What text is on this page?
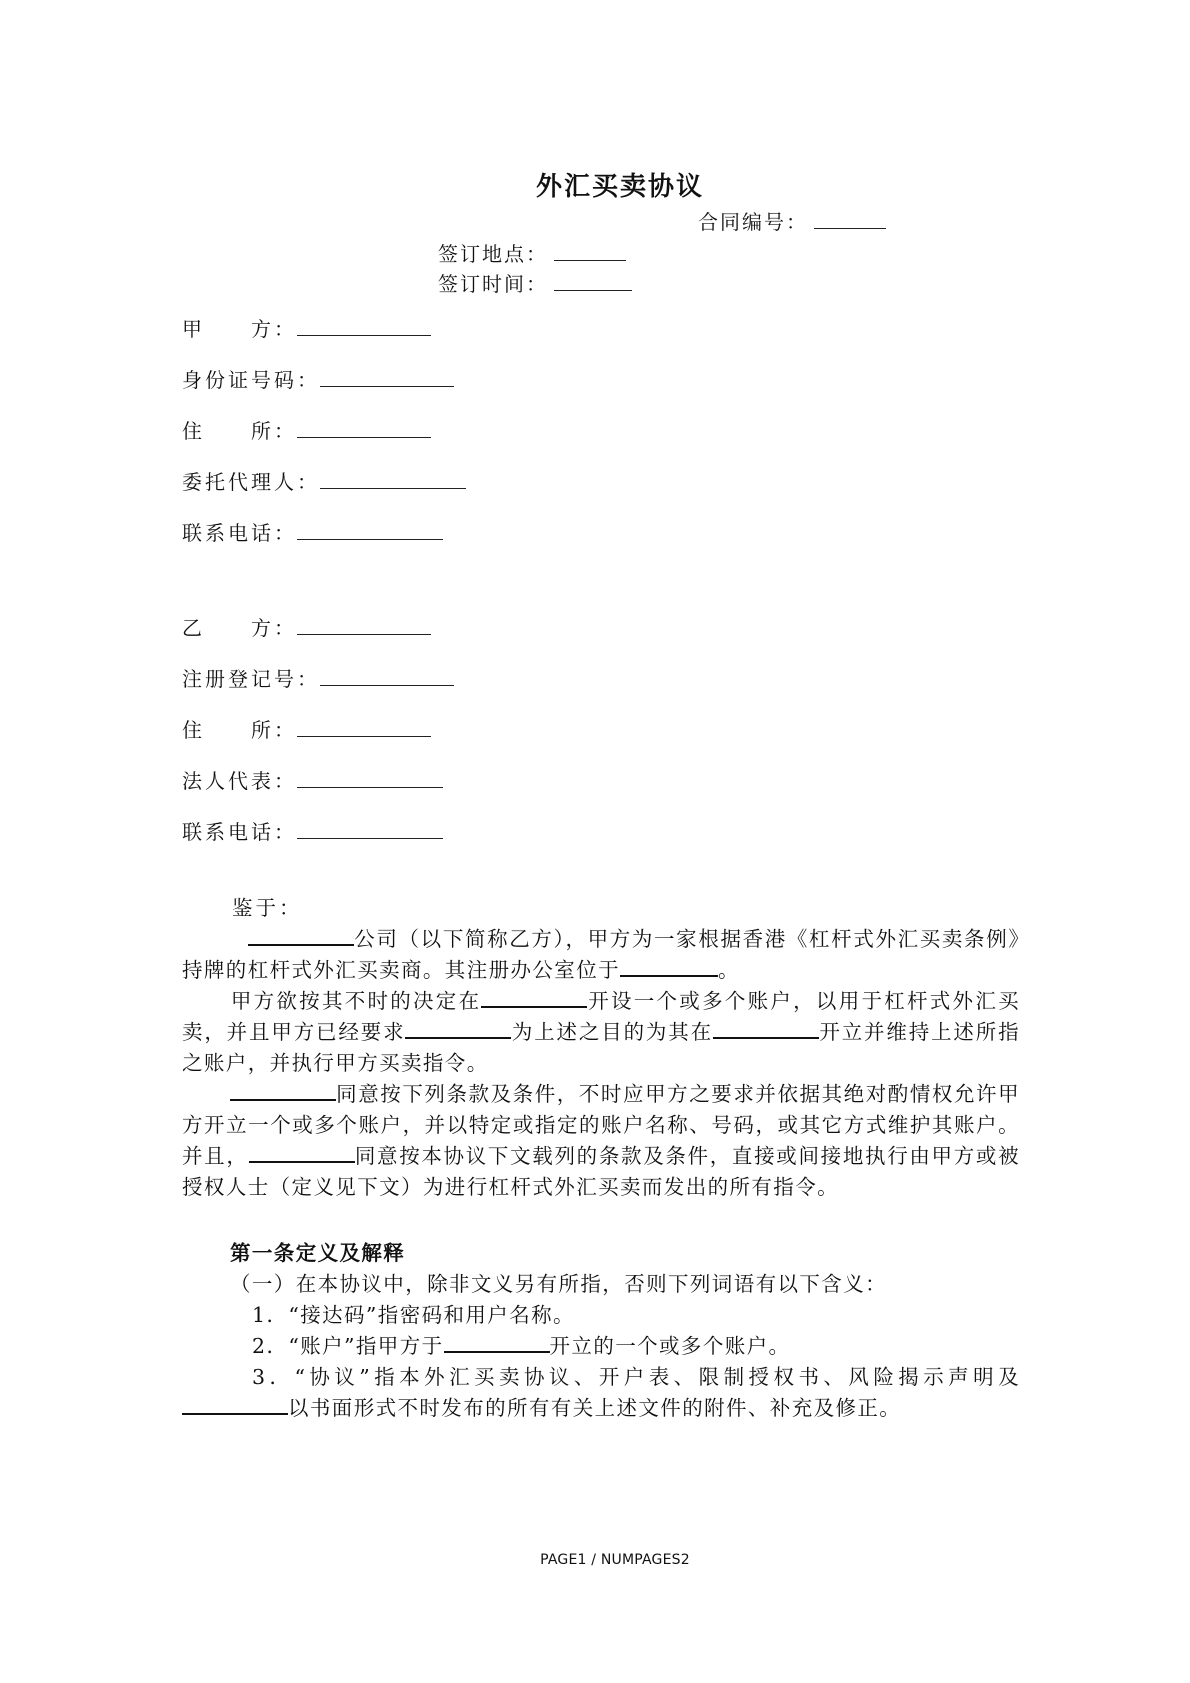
外汇买卖协议
合同编号：
签订地点：
签订时间：
甲　　方：
身份证号码：
住　　所：
委托代理人：
联系电话：
乙　　方：
注册登记号：
住　　所：
法人代表：
联系电话：
鉴于：
公司（以下简称乙方），甲方为一家根据香港《杠杆式外汇买卖条例》持牌的杠杆式外汇买卖商。其注册办公室位于	。
甲方欲按其不时的决定在	开设一个或多个账户，以用于杠杆式外汇买卖，并且甲方已经要求	为上述之目的为其在	开立并维持上述所指之账户，并执行甲方买卖指令。
同意按下列条款及条件，不时应甲方之要求并依据其绝对酌情权允许甲方开立一个或多个账户，并以特定或指定的账户名称、号码，或其它方式维护其账户。并且，	同意按本协议下文载列的条款及条件，直接或间接地执行由甲方或被授权人士（定义见下文）为进行杠杆式外汇买卖而发出的所有指令。
第一条定义及解释
（一）在本协议中，除非文义另有所指，否则下列词语有以下含义：
1．“接达码”指密码和用户名称。
2．“账户”指甲方于	开立的一个或多个账户。
3．“协议”指本外汇买卖协议、开户表、限制授权书、风险揭示声明及以书面形式不时发布的所有有关上述文件的附件、补充及修正。
PAGE1 / NUMPAGES2
